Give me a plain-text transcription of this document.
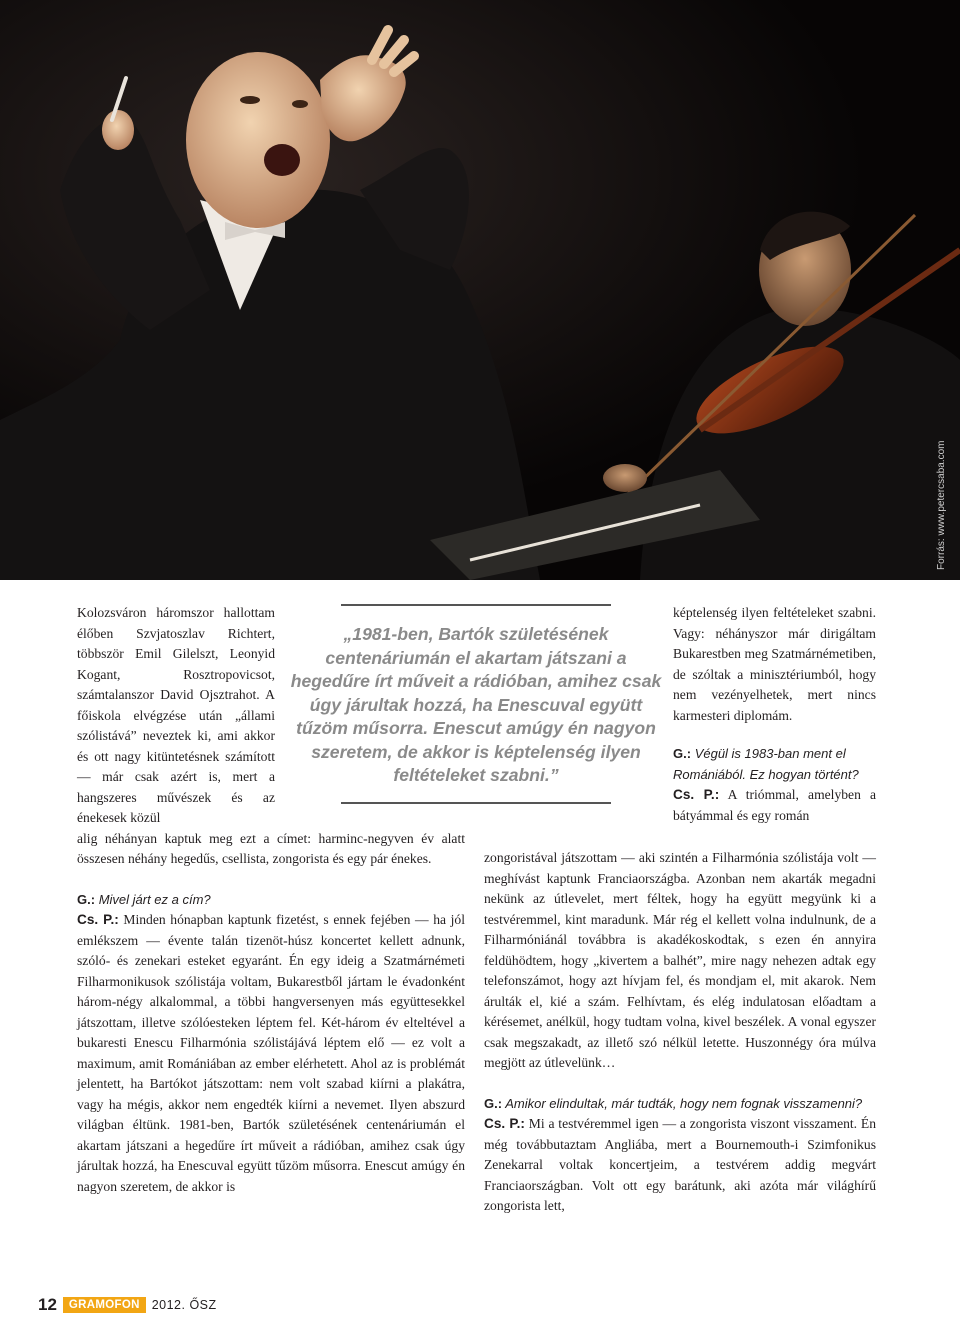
Forrás: www.petercsaba.com

Kolozsváron háromszor hallottam élőben Szvjatoszlav Richtert, többször Emil Gilelszt, Leonyid Kogant, Rosztropovicsot, számtalanszor David Ojsztrahot. A főiskola elvégzése után „állami szólistává” neveztek ki, ami akkor és ott nagy kitüntetésnek számított — már csak azért is, mert a hangszeres művészek és az énekesek közül

alig néhányan kaptuk meg ezt a címet: harminc-negyven év alatt összesen néhány hegedűs, csellista, zongorista és egy pár énekes.

G.: Mivel járt ez a cím?

Cs. P.: Minden hónapban kaptunk fizetést, s ennek fejében — ha jól emlékszem — évente talán tizenöt-húsz koncertet kellett adnunk, szóló- és zenekari esteket egyaránt. Én egy ideig a Szatmárnémeti Filharmonikusok szólistája voltam, Bukarestből jártam le évadonként három-négy alkalommal, a többi hangversenyen más együttesekkel játszottam, illetve szólóesteken léptem fel. Két-három év elteltével a bukaresti Enescu Filharmónia szólistájává léptem elő — ez volt a maximum, amit Romániában az ember elérhetett. Ahol az is problémát jelentett, ha Bartókot játszottam: nem volt szabad kiírni a plakátra, vagy ha mégis, akkor nem engedték kiírni a nevemet. Ilyen abszurd világban éltünk. 1981-ben, Bartók születésének centenáriumán el akartam játszani a hegedűre írt műveit a rádióban, amihez csak úgy járultak hozzá, ha Enescuval együtt tűzöm műsorra. Enescut amúgy én nagyon szeretem, de akkor is

„1981-ben, Bartók születésének centenáriumán el akartam játszani a hegedűre írt műveit a rádióban, amihez csak úgy járultak hozzá, ha Enescuval együtt tűzöm műsorra. Enescut amúgy én nagyon szeretem, de akkor is képtelenség ilyen feltételeket szabni.”

képtelenség ilyen feltételeket szabni. Vagy: néhányszor már dirigáltam Bukarestben meg Szatmárnémetiben, de szóltak a minisztériumból, hogy nem vezényelhetek, mert nincs karmesteri diplomám.

G.: Végül is 1983-ban ment el Romániából. Ez hogyan történt?

Cs. P.: A triómmal, amelyben a bátyámmal és egy román

zongoristával játszottam — aki szintén a Filharmónia szólistája volt — meghívást kaptunk Franciaországba. Azonban nem akarták megadni nekünk az útlevelet, mert féltek, hogy ha együtt megyünk ki a testvéremmel, kint maradunk. Már rég el kellett volna indulnunk, de a Filharmóniánál továbbra is akadékoskodtak, s ezen én annyira feldühödtem, hogy „kivertem a balhét”, mire nagy nehezen adtak egy telefonszámot, hogy azt hívjam fel, és mondjam el, mit akarok. Nem árulták el, kié a szám. Felhívtam, és elég indulatosan előadtam a kérésemet, anélkül, hogy tudtam volna, kivel beszélek. A vonal egyszer csak megszakadt, az illető szó nélkül letette. Huszonnégy óra múlva megjött az útlevelünk…

G.: Amikor elindultak, már tudták, hogy nem fognak visszamenni?

Cs. P.: Mi a testvéremmel igen — a zongorista viszont visszament. Én még továbbutaztam Angliába, mert a Bournemouth-i Szimfonikus Zenekarral voltak koncertjeim, a testvérem addig megvárt Franciaországban. Volt ott egy barátunk, aki azóta már világhírű zongorista lett,

12	GRAMOFON 2012. ŐSZ
